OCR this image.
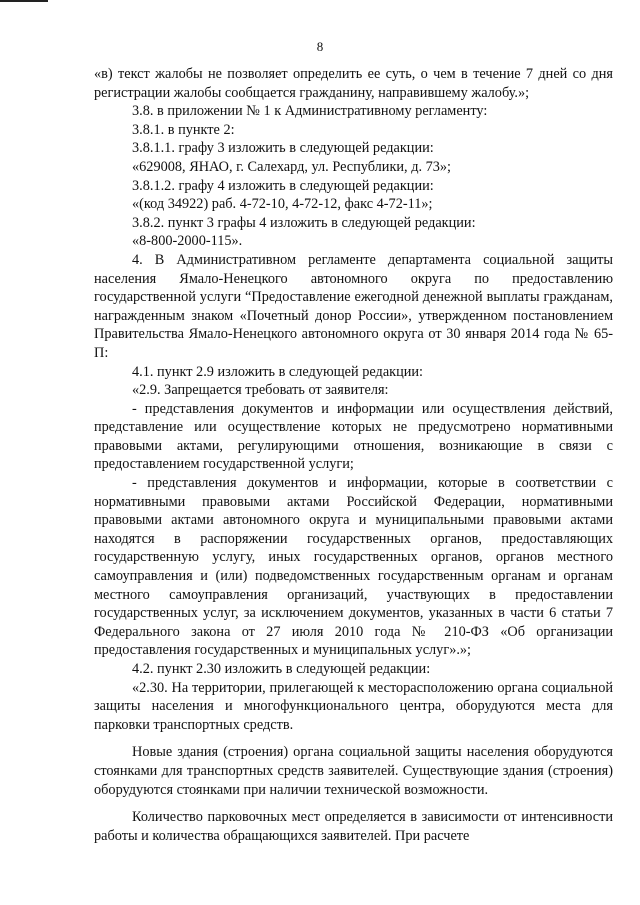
8

«в) текст жалобы не позволяет определить ее суть, о чем в течение 7 дней со дня регистрации жалобы сообщается гражданину, направившему жалобу.»;

3.8. в приложении № 1 к Административному регламенту:

3.8.1. в пункте 2:

3.8.1.1. графу 3 изложить в следующей редакции:

«629008, ЯНАО, г. Салехард, ул. Республики, д. 73»;

3.8.1.2. графу 4 изложить в следующей редакции:

«(код 34922) раб. 4-72-10, 4-72-12, факс 4-72-11»;

3.8.2. пункт 3 графы 4 изложить в следующей редакции:

«8-800-2000-115».

4. В Административном регламенте департамента социальной защиты населения Ямало-Ненецкого автономного округа по предоставлению государственной услуги “Предоставление ежегодной денежной выплаты гражданам, награжденным знаком «Почетный донор России», утвержденном постановлением Правительства Ямало-Ненецкого автономного округа от 30 января 2014 года № 65-П:

4.1. пункт 2.9 изложить в следующей редакции:

«2.9. Запрещается требовать от заявителя:

- представления документов и информации или осуществления действий, представление или осуществление которых не предусмотрено нормативными правовыми актами, регулирующими отношения, возникающие в связи с предоставлением государственной услуги;

- представления документов и информации, которые в соответствии с нормативными правовыми актами Российской Федерации, нормативными правовыми актами автономного округа и муниципальными правовыми актами находятся в распоряжении государственных органов, предоставляющих государственную услугу, иных государственных органов, органов местного самоуправления и (или) подведомственных государственным органам и органам местного самоуправления организаций, участвующих в предоставлении государственных услуг, за исключением документов, указанных в части 6 статьи 7 Федерального закона от 27 июля 2010 года № 210-ФЗ «Об организации предоставления государственных и муниципальных услуг».»;

4.2. пункт 2.30 изложить в следующей редакции:

«2.30. На территории, прилегающей к месторасположению органа социальной защиты населения и многофункционального центра, оборудуются места для парковки транспортных средств.

Новые здания (строения) органа социальной защиты населения оборудуются стоянками для транспортных средств заявителей. Существующие здания (строения) оборудуются стоянками при наличии технической возможности.

Количество парковочных мест определяется в зависимости от интенсивности работы и количества обращающихся заявителей. При расчете
